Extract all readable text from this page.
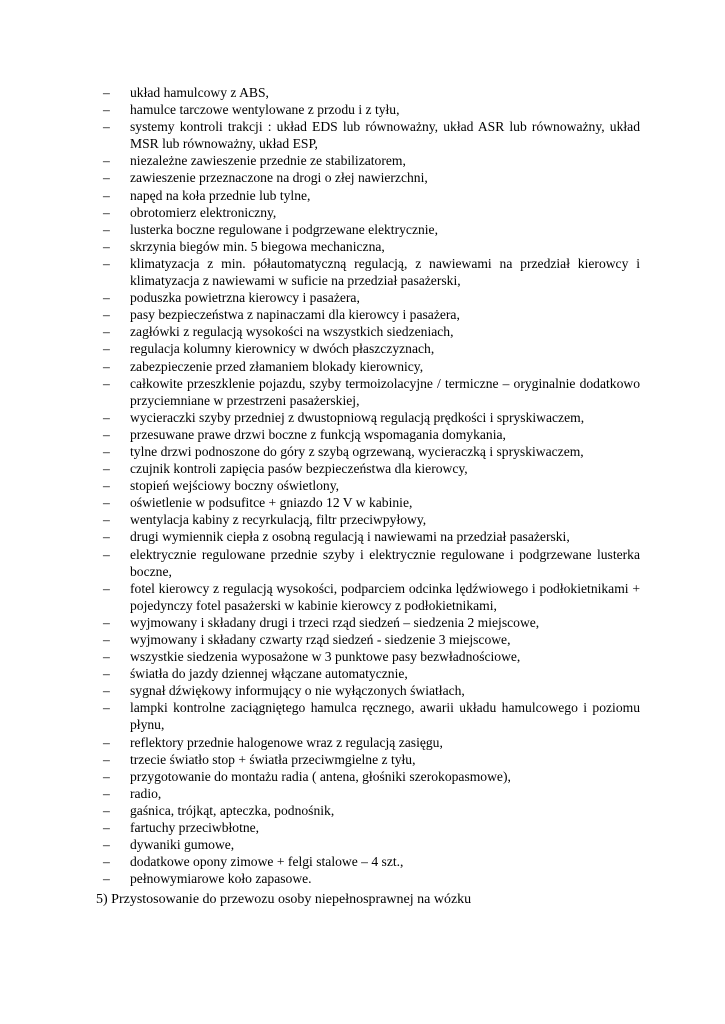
–	układ hamulcowy z ABS,
–	hamulce tarczowe wentylowane z przodu i z tyłu,
–	systemy kontroli trakcji : układ EDS lub równoważny, układ ASR lub równoważny, układ MSR lub równoważny, układ ESP,
–	niezależne zawieszenie przednie ze stabilizatorem,
–	zawieszenie przeznaczone na drogi o złej nawierzchni,
–	napęd na koła przednie lub tylne,
–	obrotomierz elektroniczny,
–	lusterka boczne regulowane i podgrzewane elektrycznie,
–	skrzynia biegów min. 5 biegowa mechaniczna,
–	klimatyzacja z min. półautomatyczną regulacją, z nawiewami na przedział kierowcy i klimatyzacja z nawiewami w suficie na przedział pasażerski,
–	poduszka powietrzna kierowcy i pasażera,
–	pasy bezpieczeństwa z napinaczami dla kierowcy i pasażera,
–	zagłówki z regulacją wysokości na wszystkich siedzeniach,
–	regulacja kolumny kierownicy w dwóch płaszczyznach,
–	zabezpieczenie przed złamaniem blokady kierownicy,
–	całkowite przeszklenie pojazdu, szyby termoizolacyjne / termiczne – oryginalnie dodatkowo przyciemniane w przestrzeni pasażerskiej,
–	wycieraczki szyby przedniej z dwustopniową regulacją prędkości i spryskiwaczem,
–	przesuwane prawe drzwi boczne z funkcją wspomagania domykania,
–	tylne drzwi podnoszone do góry z szybą ogrzewaną, wycieraczką i spryskiwaczem,
–	czujnik kontroli zapięcia pasów bezpieczeństwa dla kierowcy,
–	stopień wejściowy boczny oświetlony,
–	oświetlenie w podsufitce + gniazdo 12 V w kabinie,
–	wentylacja kabiny z recyrkulacją, filtr przeciwpyłowy,
–	drugi wymiennik ciepła z osobną regulacją i nawiewami na przedział pasażerski,
–	elektrycznie regulowane przednie szyby i elektrycznie regulowane i podgrzewane lusterka boczne,
–	fotel kierowcy z regulacją wysokości, podparciem odcinka lędźwiowego i podłokietnikami + pojedynczy fotel pasażerski w kabinie kierowcy z podłokietnikami,
–	wyjmowany i składany drugi i trzeci rząd siedzeń – siedzenia 2 miejscowe,
–	wyjmowany i składany czwarty rząd siedzeń - siedzenie 3 miejscowe,
–	wszystkie siedzenia wyposażone w 3 punktowe pasy bezwładnościowe,
–	światła do jazdy dziennej włączane automatycznie,
–	sygnał dźwiękowy informujący o nie wyłączonych światłach,
–	lampki kontrolne zaciągniętego hamulca ręcznego, awarii układu hamulcowego i poziomu płynu,
–	reflektory przednie halogenowe wraz z regulacją zasięgu,
–	trzecie światło stop + światła przeciwmgielne z tyłu,
–	przygotowanie do montażu radia ( antena, głośniki szerokopasmowe),
–	radio,
–	gaśnica, trójkąt, apteczka, podnośnik,
–	fartuchy przeciwbłotne,
–	dywaniki gumowe,
–	dodatkowe opony zimowe + felgi stalowe – 4 szt.,
–	pełnowymiarowe koło zapasowe.

5) Przystosowanie do przewozu osoby niepełnosprawnej na wózku
